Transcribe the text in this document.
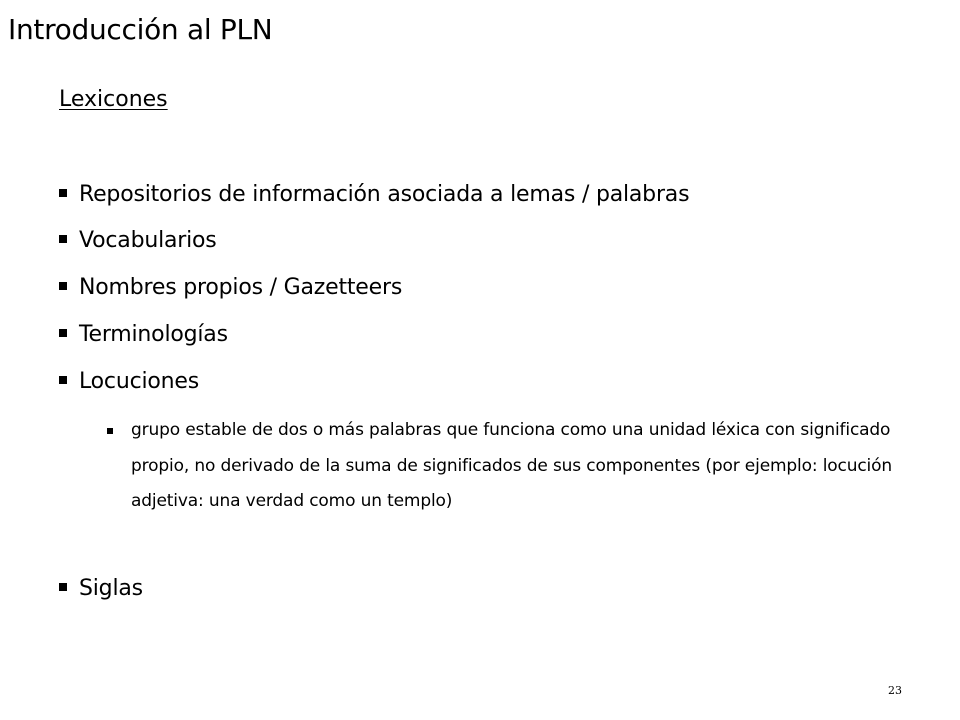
Introducción al PLN
Lexicones
Repositorios de información asociada a lemas / palabras
Vocabularios
Nombres propios / Gazetteers
Terminologías
Locuciones
grupo estable de dos o más palabras que funciona como una unidad léxica con significado propio, no derivado de la suma de significados de sus componentes (por ejemplo: locución adjetiva: una verdad como un templo)
Siglas
23
